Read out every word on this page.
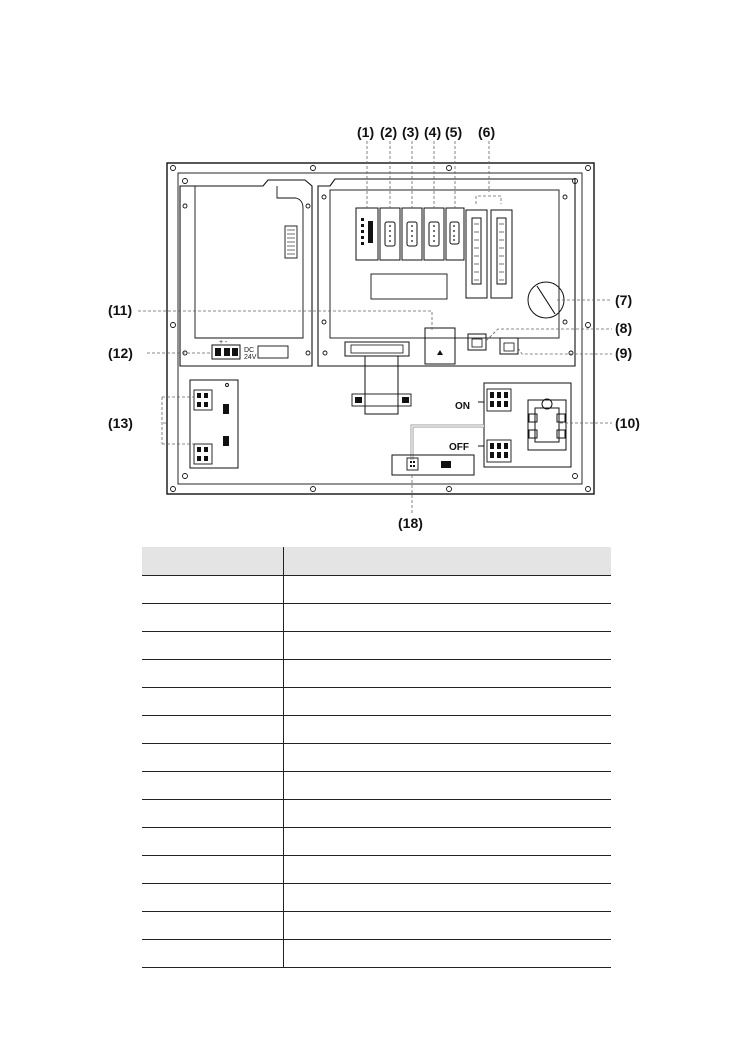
+ -
DC
24V
ON
OFF
(1) (2) (3) (4) (5) (6)
(7)
(8)
(9)
(10)
(11)
(12)
(13)
(18)
